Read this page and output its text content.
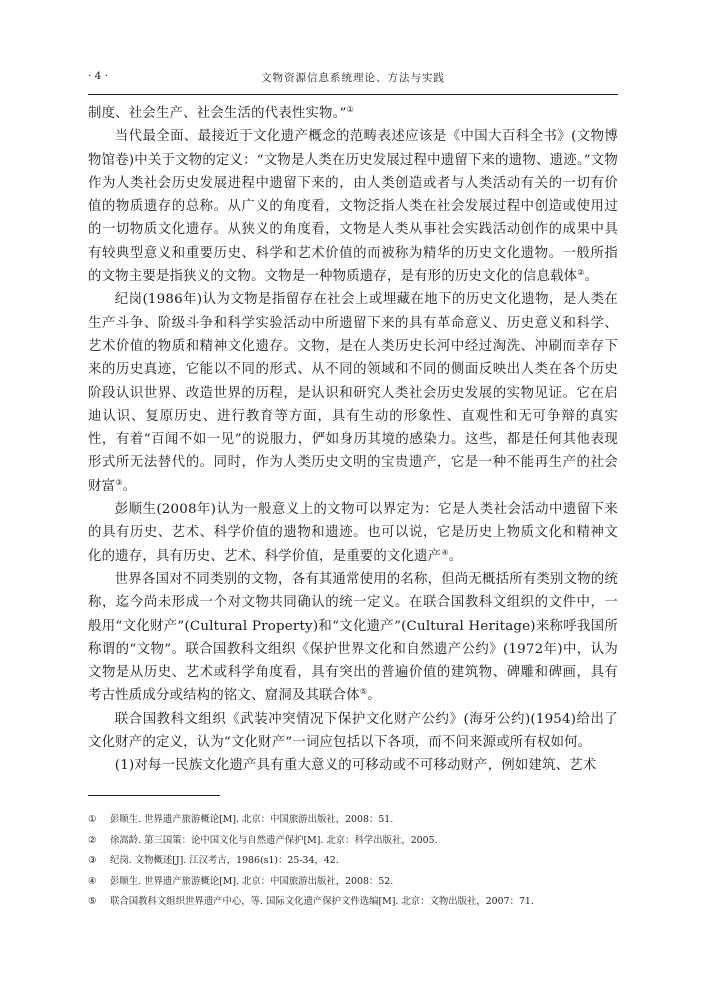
· 4 ·	文物资源信息系统理论、方法与实践

制度、社会生产、社会生活的代表性实物。”①

当代最全面、最接近于文化遗产概念的范畴表述应该是《中国大百科全书》(文物博物馆卷)中关于文物的定义：“文物是人类在历史发展过程中遗留下来的遗物、遗迹。”文物作为人类社会历史发展进程中遗留下来的，由人类创造或者与人类活动有关的一切有价值的物质遗存的总称。从广义的角度看，文物泛指人类在社会发展过程中创造或使用过的一切物质文化遗存。从狭义的角度看，文物是人类从事社会实践活动创作的成果中具有较典型意义和重要历史、科学和艺术价值的而被称为精华的历史文化遗物。一般所指的文物主要是指狭义的文物。文物是一种物质遗存，是有形的历史文化的信息载体②。

纪岗(1986年)认为文物是指留存在社会上或埋藏在地下的历史文化遗物，是人类在生产斗争、阶级斗争和科学实验活动中所遗留下来的具有革命意义、历史意义和科学、艺术价值的物质和精神文化遗存。文物，是在人类历史长河中经过淘洗、冲刷而幸存下来的历史真迹，它能以不同的形式、从不同的领域和不同的侧面反映出人类在各个历史阶段认识世界、改造世界的历程，是认识和研究人类社会历史发展的实物见证。它在启迪认识、复原历史、进行教育等方面，具有生动的形象性、直观性和无可争辩的真实性，有着“百闻不如一见”的说服力，俨如身历其境的感染力。这些，都是任何其他表现形式所无法替代的。同时，作为人类历史文明的宝贵遗产，它是一种不能再生产的社会财富③。

彭顺生(2008年)认为一般意义上的文物可以界定为：它是人类社会活动中遗留下来的具有历史、艺术、科学价值的遗物和遗迹。也可以说，它是历史上物质文化和精神文化的遗存，具有历史、艺术、科学价值，是重要的文化遗产④。

世界各国对不同类别的文物，各有其通常使用的名称，但尚无概括所有类别文物的统称，迄今尚未形成一个对文物共同确认的统一定义。在联合国教科文组织的文件中，一般用“文化财产”(Cultural Property)和“文化遗产”(Cultural Heritage)来称呼我国所称谓的“文物”。联合国教科文组织《保护世界文化和自然遗产公约》(1972年)中，认为文物是从历史、艺术或科学角度看，具有突出的普遍价值的建筑物、碑雕和碑画，具有考古性质成分或结构的铭文、窟洞及其联合体⑤。

联合国教科文组织《武装冲突情况下保护文化财产公约》(海牙公约)(1954)给出了文化财产的定义，认为“文化财产”一词应包括以下各项，而不问来源或所有权如何。

(1)对每一民族文化遗产具有重大意义的可移动或不可移动财产，例如建筑、艺术

① 彭顺生. 世界遗产旅游概论[M]. 北京：中国旅游出版社，2008：51.
② 徐嵩龄. 第三国策：论中国文化与自然遗产保护[M]. 北京：科学出版社，2005.
③ 纪岗. 文物概述[J]. 江汉考古，1986(s1)：25-34，42.
④ 彭顺生. 世界遗产旅游概论[M]. 北京：中国旅游出版社，2008：52.
⑤ 联合国教科文组织世界遗产中心，等. 国际文化遗产保护文件选编[M]. 北京：文物出版社，2007：71.
